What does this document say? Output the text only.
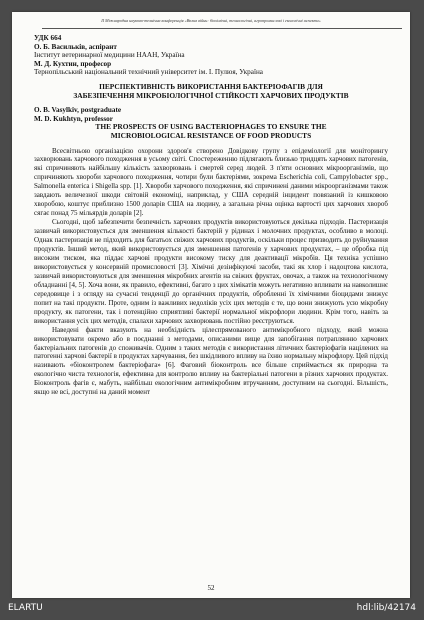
ІІ Міжнародна науково-технічна конференція «Вплив війни: біохімічні, технологічні, агропромислові і екологічні аспекти»

УДК 664

О. Б. Васильків, аспірант

Інститут ветеринарної медицини НААН, Україна

М. Д. Кухтин, професор

Тернопільський національний технічний університет ім. І. Пулюя, Україна

ПЕРСПЕКТИВНІСТЬ ВИКОРИСТАННЯ БАКТЕРІОФАГІВ ДЛЯ

ЗАБЕЗПЕЧЕННЯ МІКРОБІОЛОГІЧНОЇ СТІЙКОСТІ ХАРЧОВИХ ПРОДУКТІВ

O. B. Vasylkiv, postgraduate

M. D. Kukhtyn, professor

THE PROSPECTS OF USING BACTERIOPHAGES TO ENSURE THE

MICROBIOLOGICAL RESISTANCE OF FOOD PRODUCTS

Всесвітньою організацією охорони здоров'я створено Довідкову групу з епідеміології для моніторингу захворювань харчового походження в усьому світі. Спостереженню підлягають близько тридцять харчових патогенів, які спричиняють найбільшу кількість захворювань і смертей серед людей. З п'яти основних мікроорганізмів, що спричиняють хвороби харчового походження, чотири були бактеріями, зокрема Escherichia coli, Campylobacter spp., Salmonella enterica і Shigella spp. [1]. Хвороби харчового походження, які спричинені даними мікроорганізмами також завдають величезної шкоди світовій економіці, наприклад, у США середній інцидент повязаний із кишковою хворобою, коштує приблизно 1500 доларів США на людину, а загальна річна оцінка вартості цих харчових хвороб сягає понад 75 мільярдів доларів [2].

Сьогодні, щоб забезпечити безпечність харчових продуктів використовуються декілька підходів. Пастеризація зазвичай використовується для зменшення кількості бактерій у рідинах і молочних продуктах, особливо в молоці. Однак пастеризація не підходить для багатьох свіжих харчових продуктів, оскільки процес призводить до руйнування продуктів. Інший метод, який використовується для зменшення патогенів у харчових продуктах, – це обробка під високим тиском, яка піддає харчові продукти високому тиску для деактивації мікробів. Ця техніка успішно використовується у консервній промисловості [3]. Хімічні дезінфікуючі засоби, такі як хлор і надоцтова кислота, зазвичай використовуються для зменшення мікробних агентів на свіжих фруктах, овочах, а також на технологічному обладнанні [4, 5]. Хоча вони, як правило, ефективні, багато з цих хімікатів можуть негативно впливати на навколишнє середовище і з огляду на сучасні тенденції до органічних продуктів, обробленні їх хімічними біоцидами знижує попит на такі продукти. Проте, одним із важливих недоліків усіх цих методів є те, що вони знижують усю мікробну продукту, як патогени, так і потенційно сприятливі бактерії нормальної мікрофлори людини. Крім того, навіть за використання усіх цих методів, спалахи харчових захворювань постійно реєструються.

Наведені факти вказують на необхідність цілеспрямованого антимікробного підходу, який можна використовувати окремо або в поєднанні з методами, описаними вище для запобігання потраплянню харчових бактеріальних патогенів до споживачів. Одним з таких методів є використання літичних бактеріофагів націлених на патогенні харчові бактерії в продуктах харчування, без шкідливого впливу на їхню нормальну мікрофлору. Цей підхід називають «біоконтролем бактеріофага» [6]. Фаговий біоконтроль все більше сприймається як природна та екологічно чиста технологія, ефективна для контролю впливу на бактеріальні патогени в різних харчових продуктах. Біоконтроль фагів є, мабуть, найбільш екологічним антимікробним втручанням, доступним на сьогодні. Більшість, якщо не всі, доступні на даний момент

52
ELARTU	hdl:lib/42174
